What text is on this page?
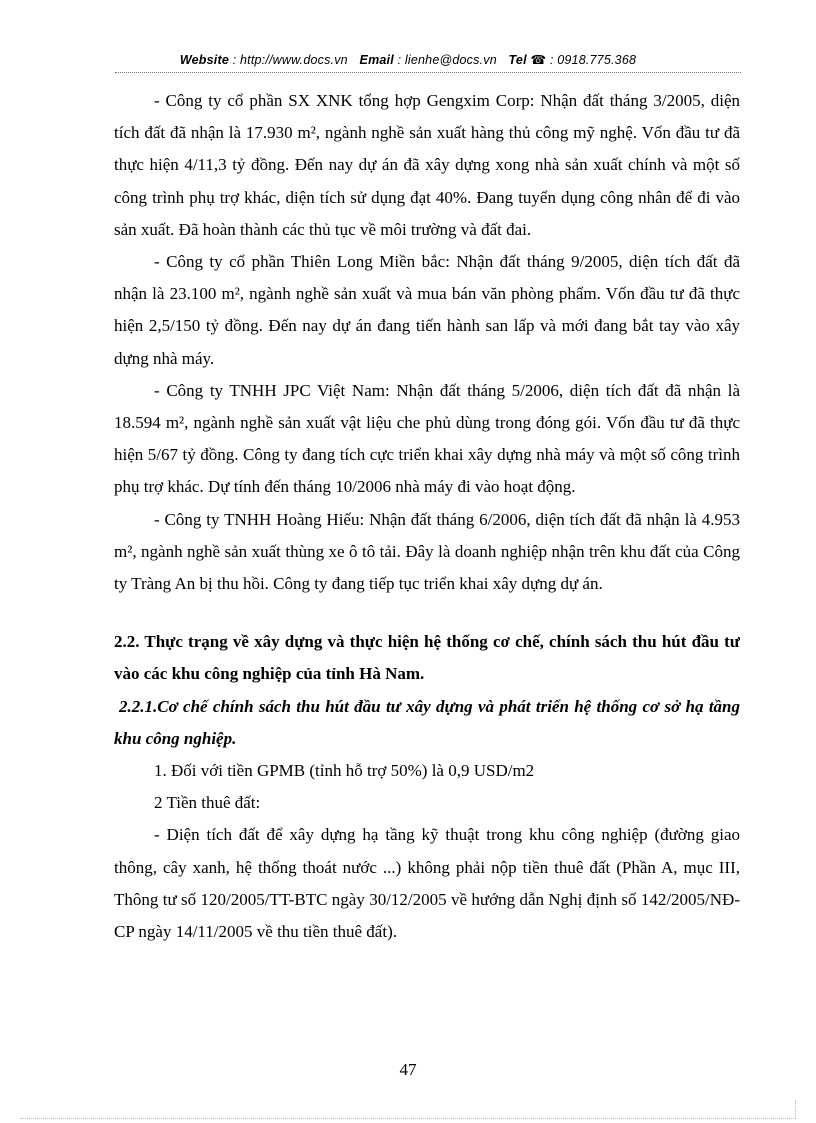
Website : http://www.docs.vn Email : lienhe@docs.vn Tel ☎ : 0918.775.368

- Công ty cổ phần SX XNK tổng hợp Gengxim Corp: Nhận đất tháng 3/2005, diện tích đất đã nhận là 17.930 m², ngành nghề sản xuất hàng thủ công mỹ nghệ. Vốn đầu tư đã thực hiện 4/11,3 tỷ đồng. Đến nay dự án đã xây dựng xong nhà sản xuất chính và một số công trình phụ trợ khác, diện tích sử dụng đạt 40%. Đang tuyển dụng công nhân để đi vào sản xuất. Đã hoàn thành các thủ tục về môi trường và đất đai.

- Công ty cổ phần Thiên Long Miền bắc: Nhận đất tháng 9/2005, diện tích đất đã nhận là 23.100 m², ngành nghề sản xuất và mua bán văn phòng phẩm. Vốn đầu tư đã thực hiện 2,5/150 tỷ đồng. Đến nay dự án đang tiến hành san lấp và mới đang bắt tay vào xây dựng nhà máy.

- Công ty TNHH JPC Việt Nam: Nhận đất tháng 5/2006, diện tích đất đã nhận là 18.594 m², ngành nghề sản xuất vật liệu che phủ dùng trong đóng gói. Vốn đầu tư đã thực hiện 5/67 tỷ đồng. Công ty đang tích cực triển khai xây dựng nhà máy và một số công trình phụ trợ khác. Dự tính đến tháng 10/2006 nhà máy đi vào hoạt động.

- Công ty TNHH Hoàng Hiếu: Nhận đất tháng 6/2006, diện tích đất đã nhận là 4.953 m², ngành nghề sản xuất thùng xe ô tô tải. Đây là doanh nghiệp nhận trên khu đất của Công ty Tràng An bị thu hồi. Công ty đang tiếp tục triển khai xây dựng dự án.

2.2. Thực trạng về xây dựng và thực hiện hệ thống cơ chế, chính sách thu hút đầu tư vào các khu công nghiệp của tỉnh Hà Nam.

2.2.1.Cơ chế chính sách thu hút đầu tư xây dựng và phát triển hệ thống cơ sở hạ tầng khu công nghiệp.

1. Đối với tiền GPMB (tỉnh hỗ trợ 50%) là 0,9 USD/m2

2 Tiền thuê đất:

- Diện tích đất để xây dựng hạ tầng kỹ thuật trong khu công nghiệp (đường giao thông, cây xanh, hệ thống thoát nước ...) không phải nộp tiền thuê đất (Phần A, mục III, Thông tư số 120/2005/TT-BTC ngày 30/12/2005 về hướng dẫn Nghị định số 142/2005/NĐ-CP ngày 14/11/2005 về thu tiền thuê đất).

47
